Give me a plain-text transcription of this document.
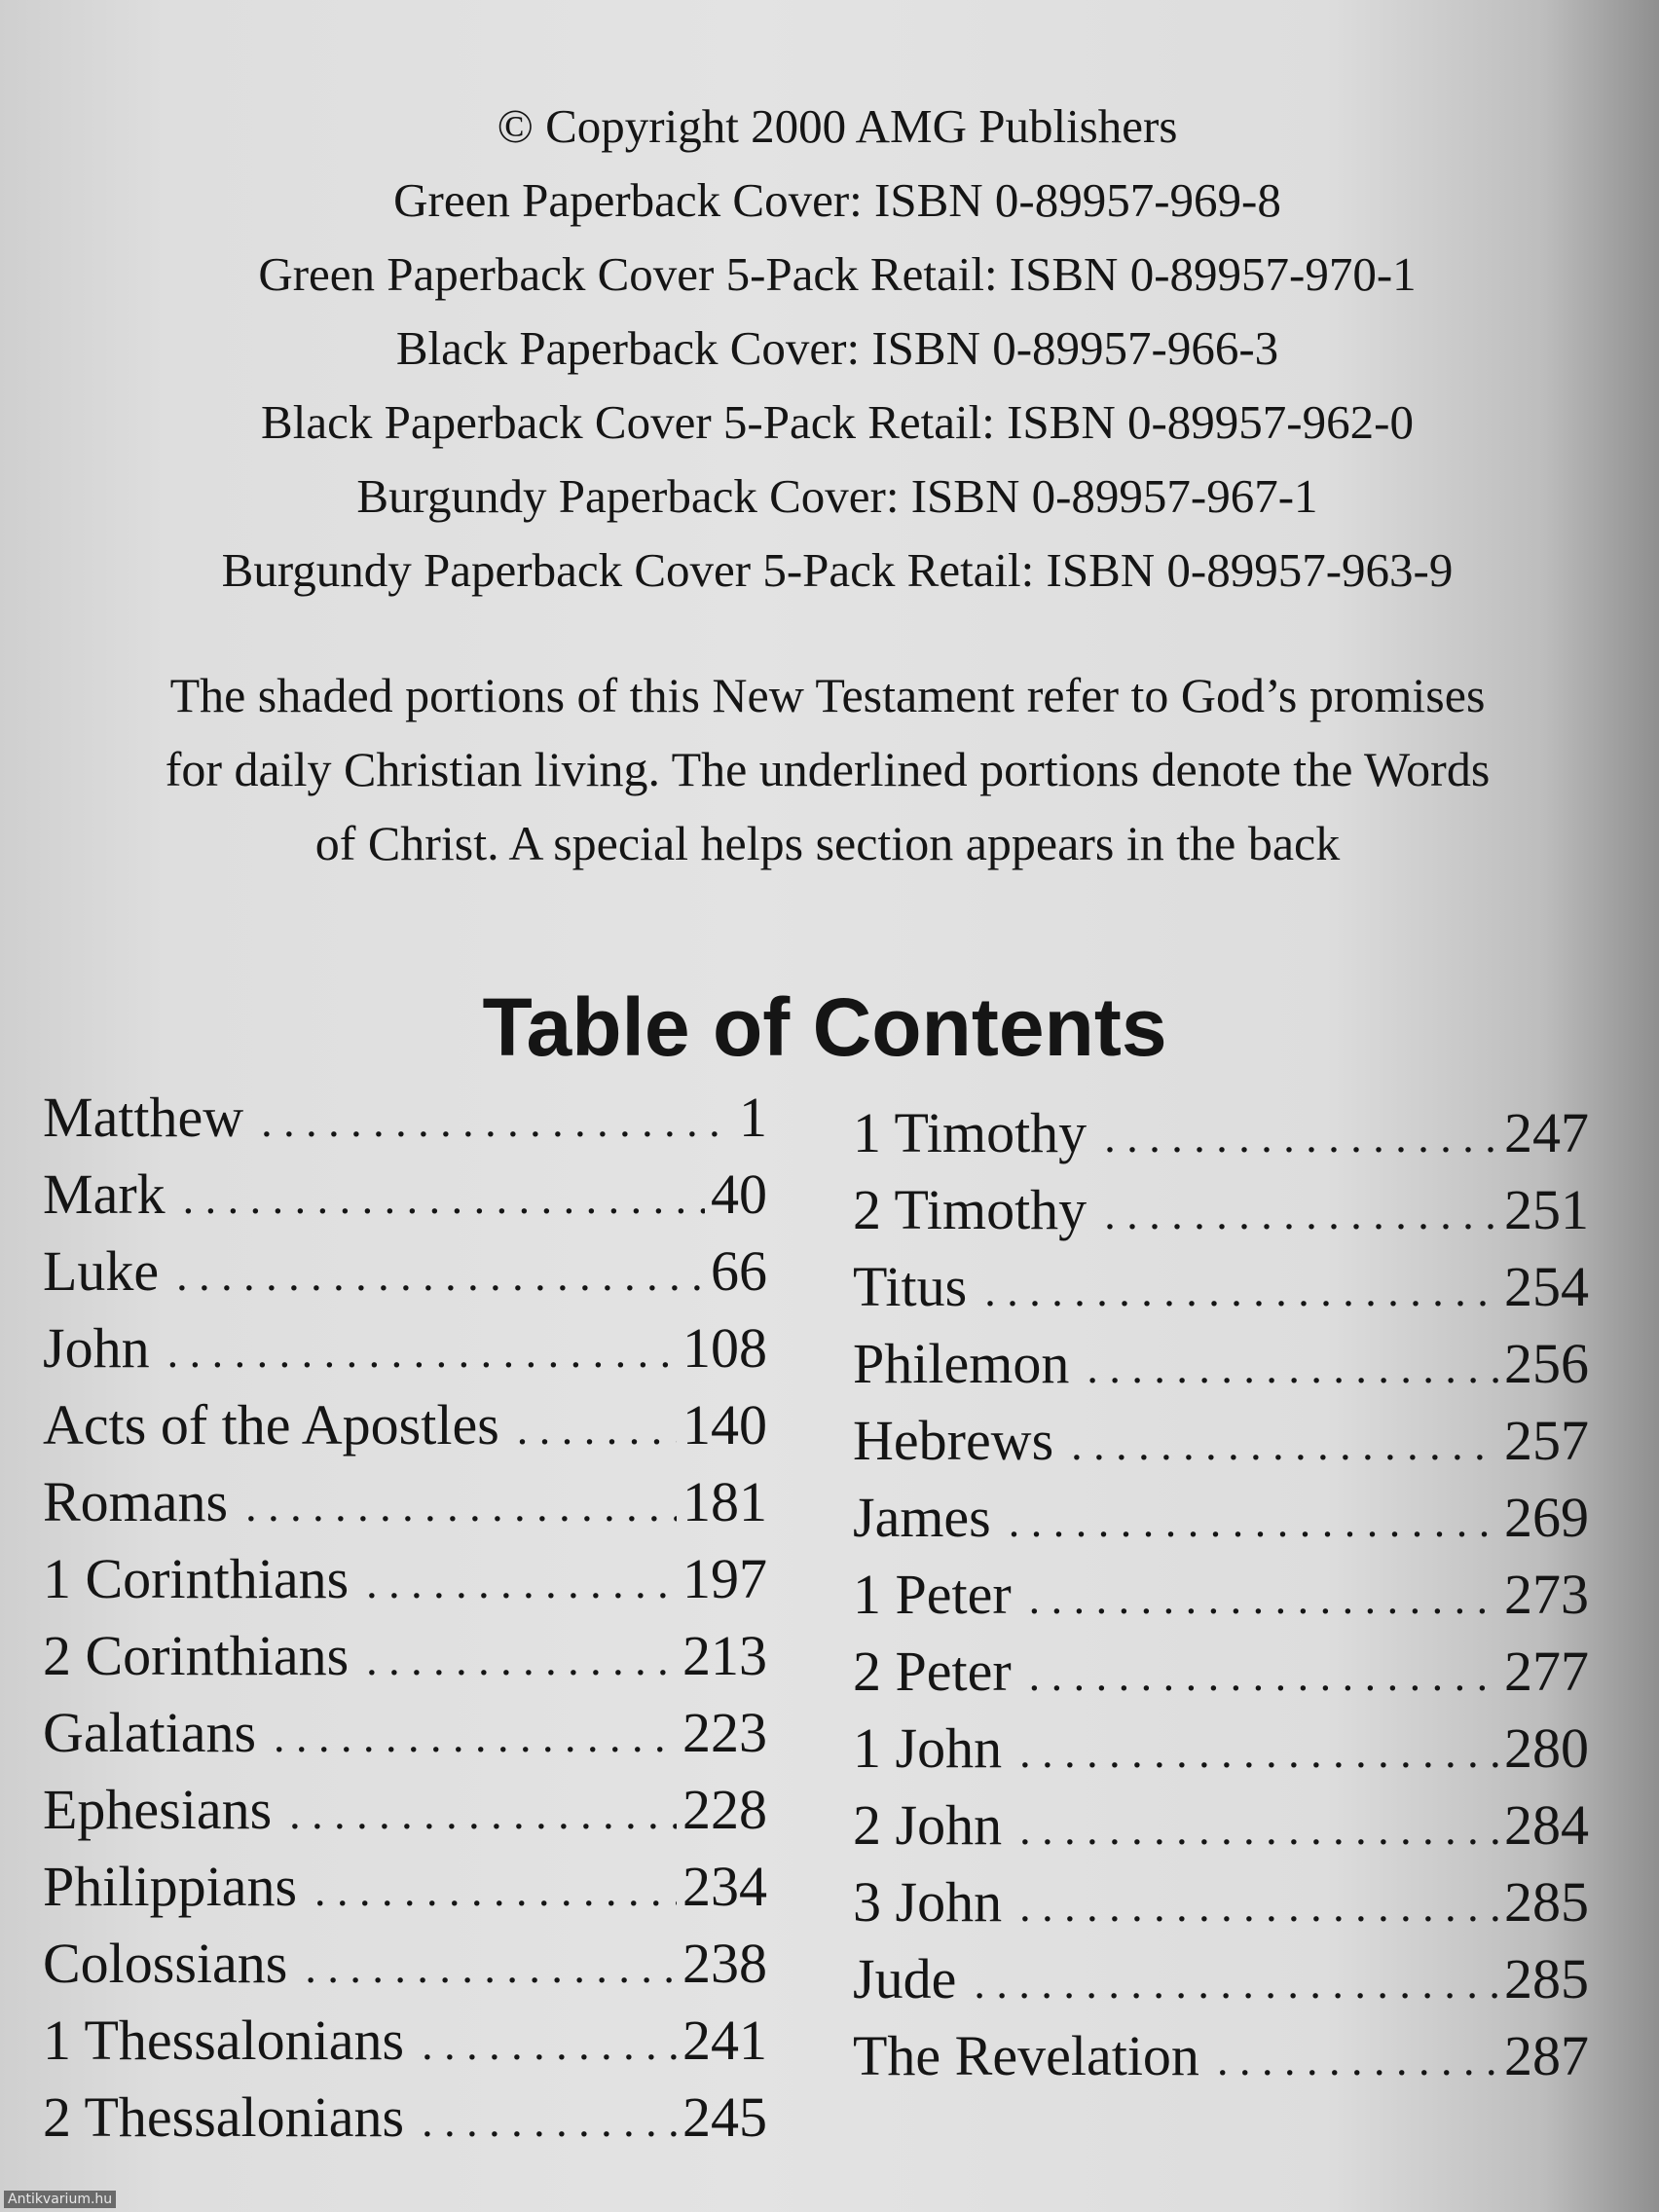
© Copyright 2000 AMG Publishers
Green Paperback Cover: ISBN 0-89957-969-8
Green Paperback Cover 5-Pack Retail: ISBN 0-89957-970-1
Black Paperback Cover: ISBN 0-89957-966-3
Black Paperback Cover 5-Pack Retail: ISBN 0-89957-962-0
Burgundy Paperback Cover: ISBN 0-89957-967-1
Burgundy Paperback Cover 5-Pack Retail: ISBN 0-89957-963-9
The shaded portions of this New Testament refer to God’s promises
for daily Christian living. The underlined portions denote the Words
of Christ. A special helps section appears in the back
Table of Contents
Matthew . . .	1
Mark . . .	40
Luke . . .	66
John . . .	108
Acts of the Apostles . . .	140
Romans . . .	181
1 Corinthians . . .	197
2 Corinthians . . .	213
Galatians . . .	223
Ephesians . . .	228
Philippians . . .	234
Colossians . . .	238
1 Thessalonians . . .	241
2 Thessalonians . . .	245
1 Timothy . . .	247
2 Timothy . . .	251
Titus . . .	254
Philemon . . .	256
Hebrews . . .	257
James . . .	269
1 Peter . . .	273
2 Peter . . .	277
1 John . . .	280
2 John . . .	284
3 John . . .	285
Jude . . .	285
The Revelation . . .	287
Antikvarium.hu
